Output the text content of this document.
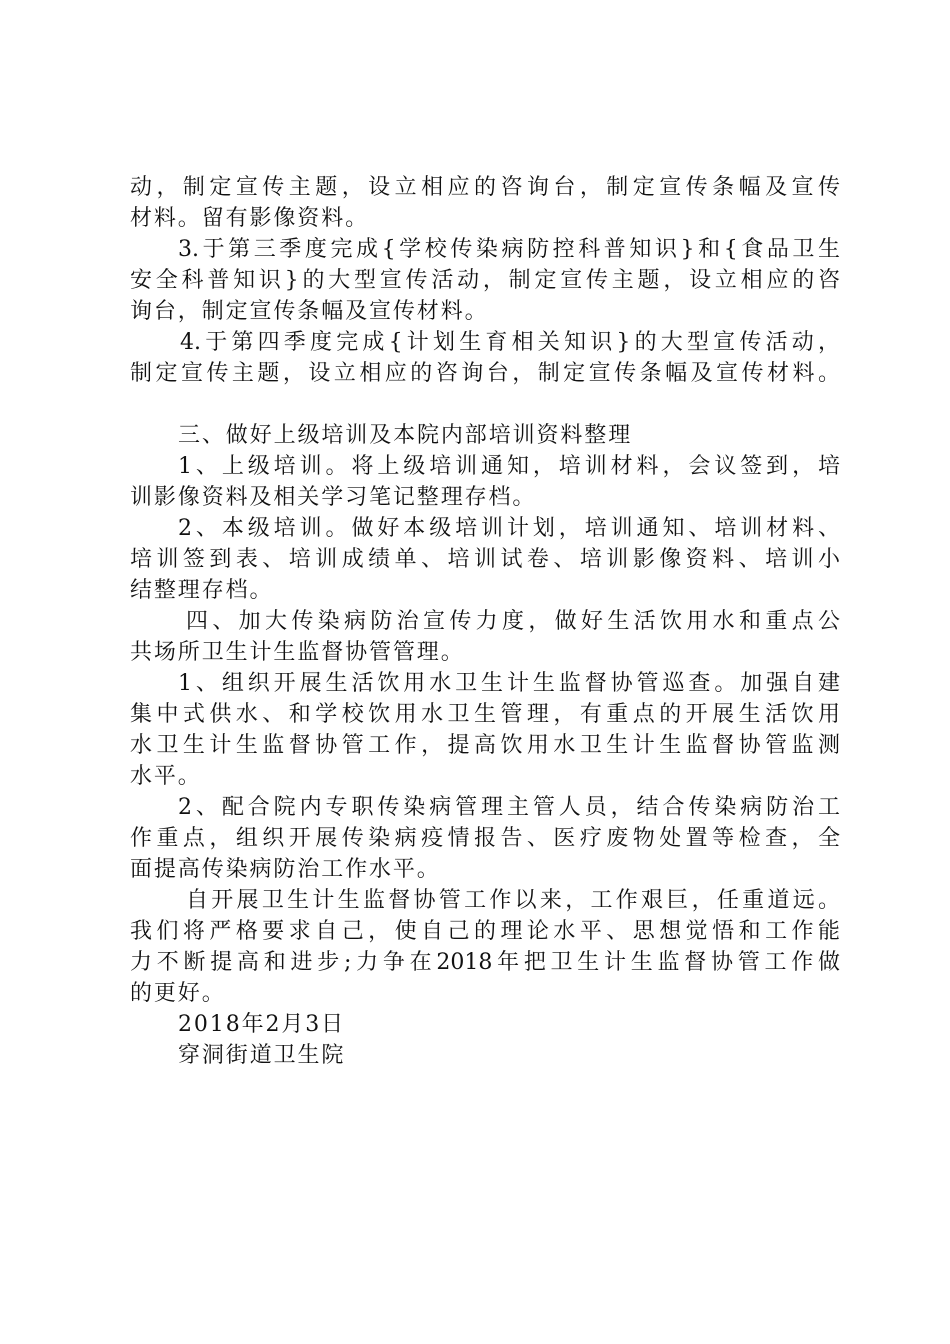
动，制定宣传主题，设立相应的咨询台，制定宣传条幅及宣传
材料。留有影像资料。
3.于第三季度完成{学校传染病防控科普知识}和{食品卫生
安全科普知识}的大型宣传活动，制定宣传主题，设立相应的咨
询台，制定宣传条幅及宣传材料。
4.于第四季度完成{计划生育相关知识}的大型宣传活动，
制定宣传主题，设立相应的咨询台，制定宣传条幅及宣传材料。
三、做好上级培训及本院内部培训资料整理
1、上级培训。将上级培训通知，培训材料，会议签到，培
训影像资料及相关学习笔记整理存档。
2、本级培训。做好本级培训计划，培训通知、培训材料、
培训签到表、培训成绩单、培训试卷、培训影像资料、培训小
结整理存档。
四、加大传染病防治宣传力度，做好生活饮用水和重点公
共场所卫生计生监督协管管理。
1、组织开展生活饮用水卫生计生监督协管巡查。加强自建
集中式供水、和学校饮用水卫生管理，有重点的开展生活饮用
水卫生计生监督协管工作，提高饮用水卫生计生监督协管监测
水平。
2、配合院内专职传染病管理主管人员，结合传染病防治工
作重点，组织开展传染病疫情报告、医疗废物处置等检查，全
面提高传染病防治工作水平。
自开展卫生计生监督协管工作以来，工作艰巨，任重道远。
我们将严格要求自己，使自己的理论水平、思想觉悟和工作能
力不断提高和进步;力争在2018年把卫生计生监督协管工作做
的更好。
2018年2月3日
穿洞街道卫生院
